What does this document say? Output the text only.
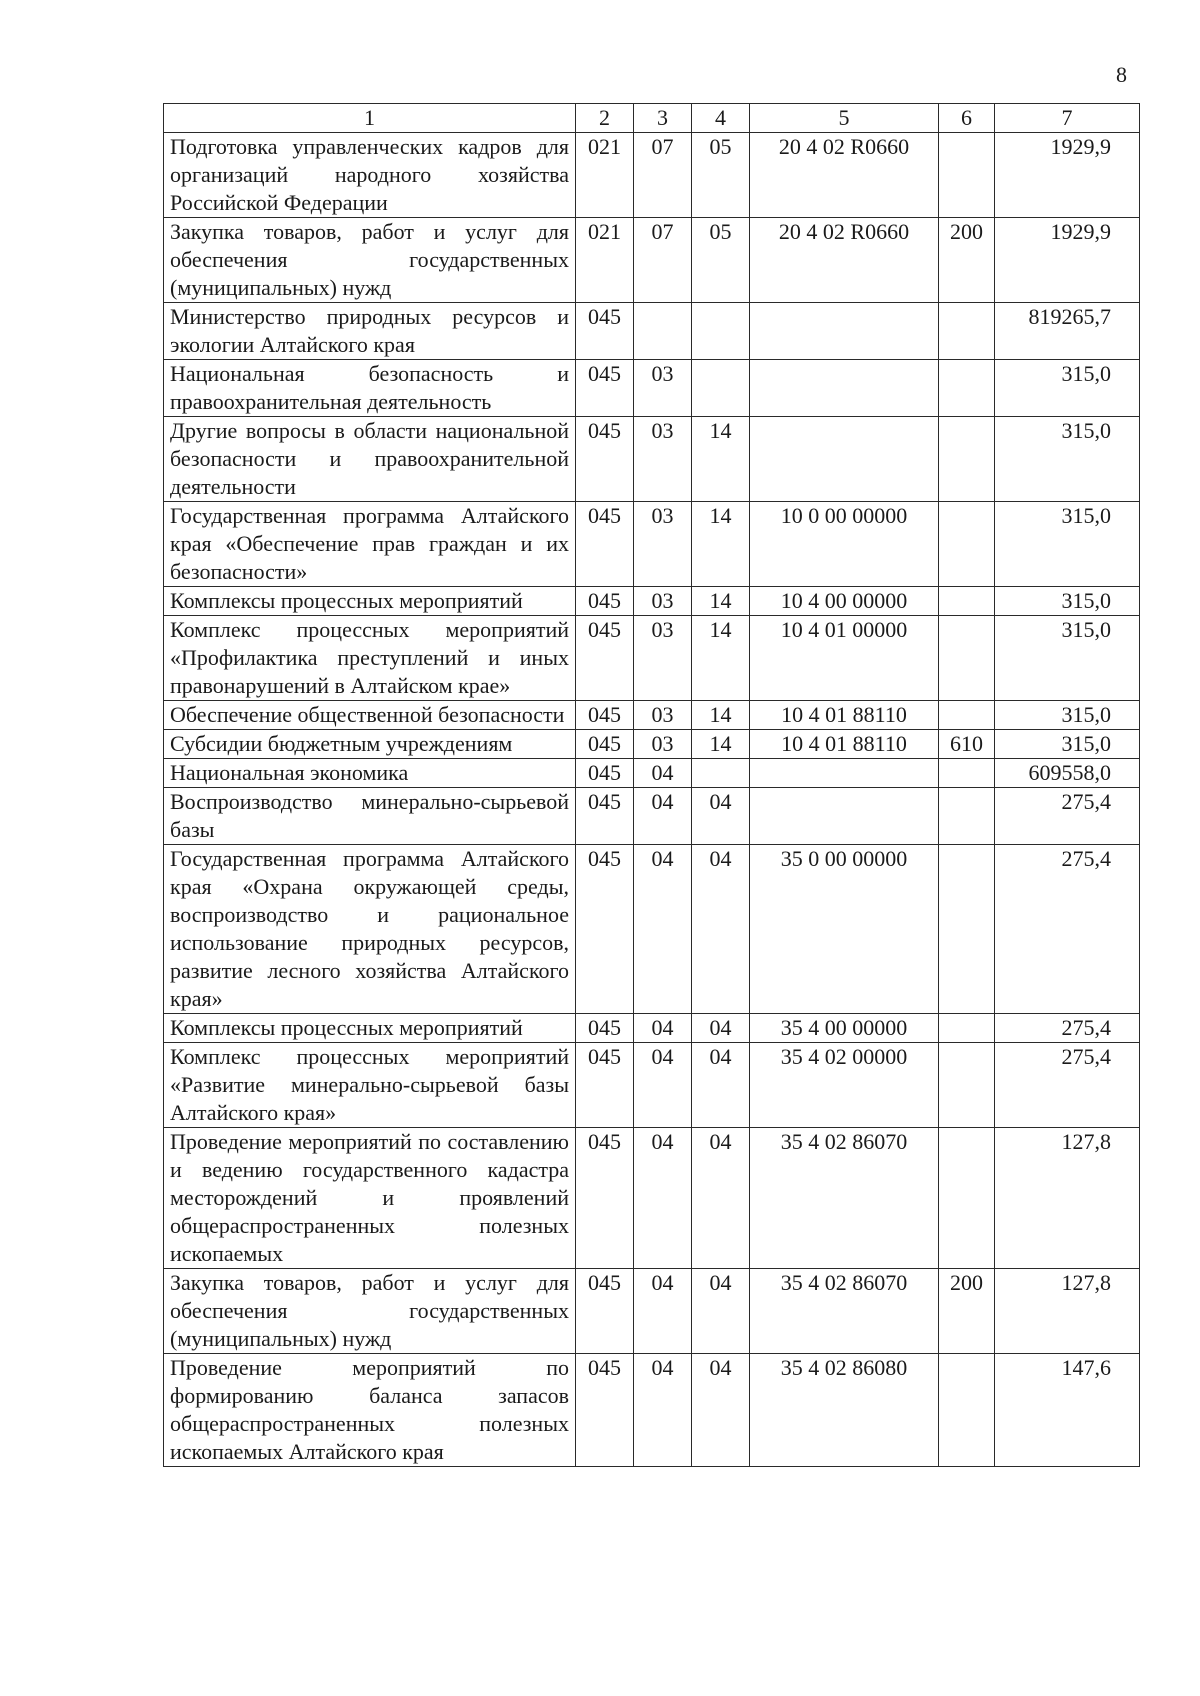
8
1	2	3	4	5	6	7
Подготовка управленческих кадров для организаций народного хозяйства Российской Федерации	021	07	05	20 4 02 R0660		1929,9
Закупка товаров, работ и услуг для обеспечения государственных (муниципальных) нужд	021	07	05	20 4 02 R0660	200	1929,9
Министерство природных ресурсов и экологии Алтайского края	045					819265,7
Национальная безопасность и правоохранительная деятельность	045	03				315,0
Другие вопросы в области национальной безопасности и правоохранительной деятельности	045	03	14			315,0
Государственная программа Алтайского края «Обеспечение прав граждан и их безопасности»	045	03	14	10 0 00 00000		315,0
Комплексы процессных мероприятий	045	03	14	10 4 00 00000		315,0
Комплекс процессных мероприятий «Профилактика преступлений и иных правонарушений в Алтайском крае»	045	03	14	10 4 01 00000		315,0
Обеспечение общественной безопасности	045	03	14	10 4 01 88110		315,0
Субсидии бюджетным учреждениям	045	03	14	10 4 01 88110	610	315,0
Национальная экономика	045	04				609558,0
Воспроизводство минерально-сырьевой базы	045	04	04			275,4
Государственная программа Алтайского края «Охрана окружающей среды, воспроизводство и рациональное использование природных ресурсов, развитие лесного хозяйства Алтайского края»	045	04	04	35 0 00 00000		275,4
Комплексы процессных мероприятий	045	04	04	35 4 00 00000		275,4
Комплекс процессных мероприятий «Развитие минерально-сырьевой базы Алтайского края»	045	04	04	35 4 02 00000		275,4
Проведение мероприятий по составлению и ведению государственного кадастра месторождений и проявлений общераспространенных полезных ископаемых	045	04	04	35 4 02 86070		127,8
Закупка товаров, работ и услуг для обеспечения государственных (муниципальных) нужд	045	04	04	35 4 02 86070	200	127,8
Проведение мероприятий по формированию баланса запасов общераспространенных полезных ископаемых Алтайского края	045	04	04	35 4 02 86080		147,6
